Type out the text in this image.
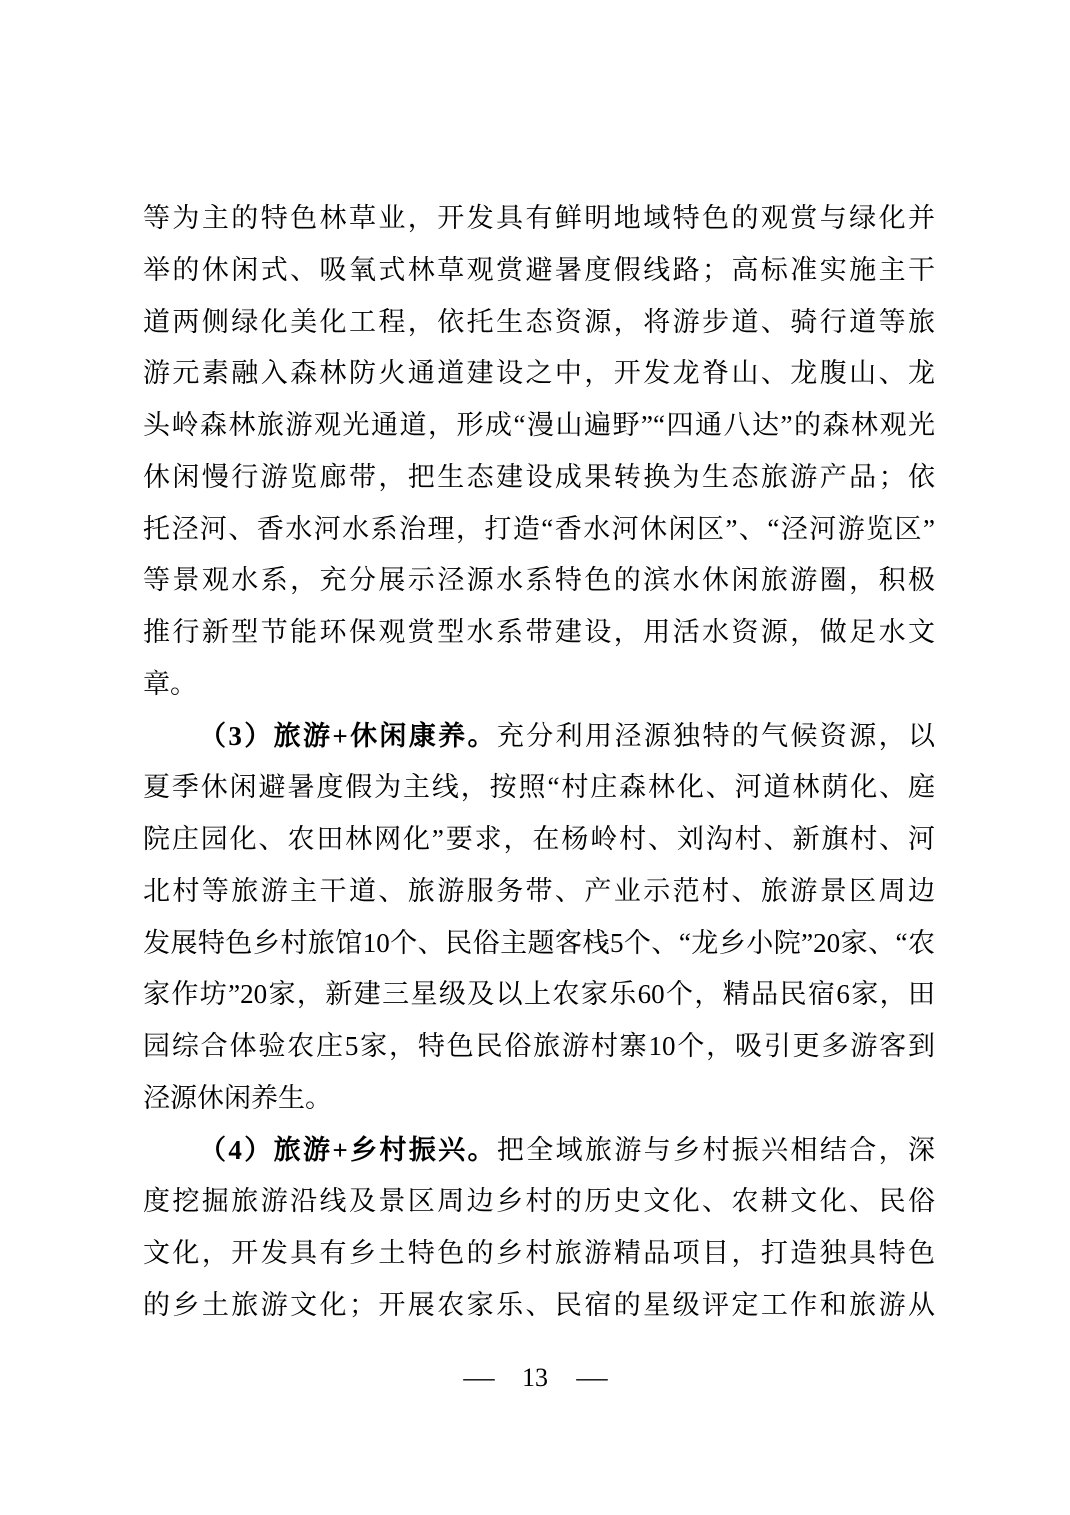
等为主的特色林草业，开发具有鲜明地域特色的观赏与绿化并
举的休闲式、吸氧式林草观赏避暑度假线路；高标准实施主干
道两侧绿化美化工程，依托生态资源，将游步道、骑行道等旅
游元素融入森林防火通道建设之中，开发龙脊山、龙腹山、龙
头岭森林旅游观光通道，形成“漫山遍野”“四通八达”的森林观光
休闲慢行游览廊带，把生态建设成果转换为生态旅游产品；依
托泾河、香水河水系治理，打造“香水河休闲区”、“泾河游览区”
等景观水系，充分展示泾源水系特色的滨水休闲旅游圈，积极
推行新型节能环保观赏型水系带建设，用活水资源，做足水文
章。
（3）旅游+休闲康养。充分利用泾源独特的气候资源，以
夏季休闲避暑度假为主线，按照“村庄森林化、河道林荫化、庭
院庄园化、农田林网化”要求，在杨岭村、刘沟村、新旗村、河
北村等旅游主干道、旅游服务带、产业示范村、旅游景区周边
发展特色乡村旅馆10个、民俗主题客栈5个、“龙乡小院”20家、“农
家作坊”20家，新建三星级及以上农家乐60个，精品民宿6家，田
园综合体验农庄5家，特色民俗旅游村寨10个，吸引更多游客到
泾源休闲养生。
（4）旅游+乡村振兴。把全域旅游与乡村振兴相结合，深
度挖掘旅游沿线及景区周边乡村的历史文化、农耕文化、民俗
文化，开发具有乡土特色的乡村旅游精品项目，打造独具特色
的乡土旅游文化；开展农家乐、民宿的星级评定工作和旅游从
— 13 —
